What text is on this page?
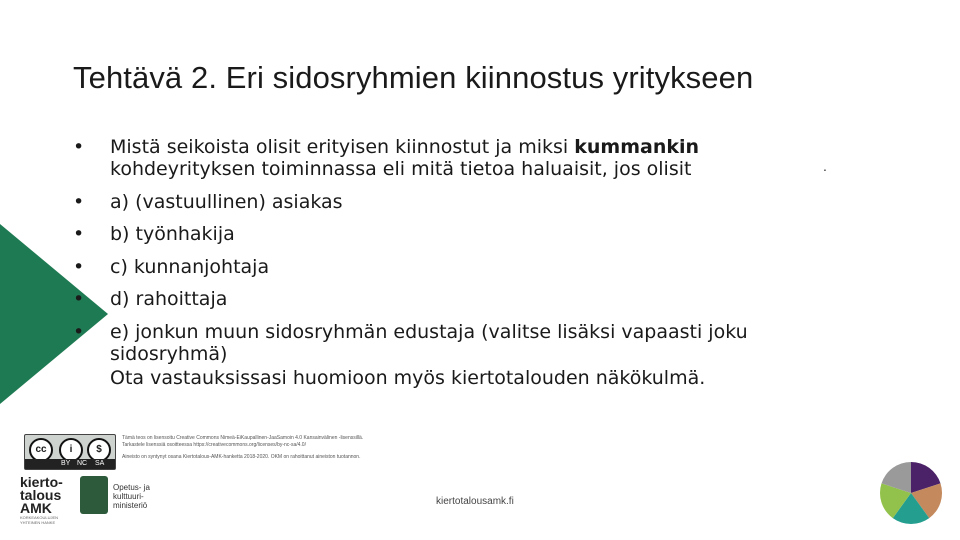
Tehtävä 2. Eri sidosryhmien kiinnostus yritykseen
• Mistä seikoista olisit erityisen kiinnostut ja miksi kummankin kohdeyrityksen toiminnassa eli mitä tietoa haluaisit, jos olisit
• a) (vastuullinen) asiakas
• b) työnhakija
• c) kunnanjohtaja
• d) rahoittaja
• e) jonkun muun sidosryhmän edustaja (valitse lisäksi vapaasti joku sidosryhmä)
Ota vastauksissasi huomioon myös kiertotalouden näkökulmä.
.
cc	i	$
BY NC SA

Tämä teos on lisensoitu Creative Commons Nimeä-EiKaupallinen-JaaSamoin 4.0 Kansainvälinen -lisenssillä. Tarkastele lisenssiä osoitteessa https://creativecommons.org/licenses/by-nc-sa/4.0/

Aineisto on syntynyt osana Kiertotalous-AMK-hanketta 2018-2020. OKM on rahoittanut aineiston tuotannon.

kierto-
talous
AMK
KORKEAKOULUJEN YHTEINEN HANKE
Opetus- ja
kulttuuri-
ministeriö	kiertotalousamk.fi
